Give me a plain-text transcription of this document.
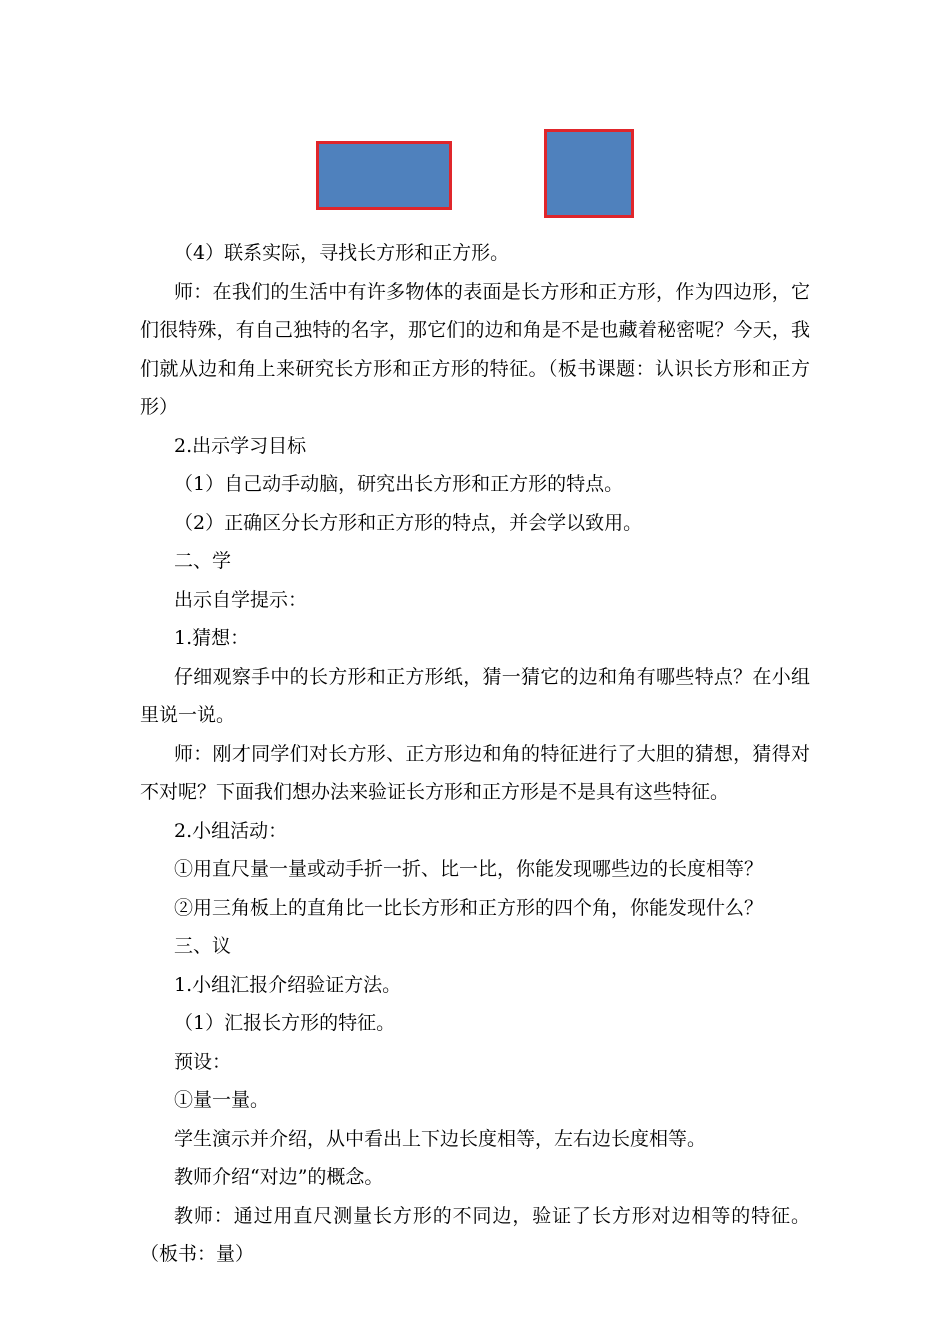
（4）联系实际，寻找长方形和正方形。

师：在我们的生活中有许多物体的表面是长方形和正方形，作为四边形，它们很特殊，有自己独特的名字，那它们的边和角是不是也藏着秘密呢？今天，我们就从边和角上来研究长方形和正方形的特征。（板书课题：认识长方形和正方形）

2.出示学习目标

（1）自己动手动脑，研究出长方形和正方形的特点。

（2）正确区分长方形和正方形的特点，并会学以致用。

二、学

出示自学提示：

1.猜想：

仔细观察手中的长方形和正方形纸，猜一猜它的边和角有哪些特点？在小组里说一说。

师：刚才同学们对长方形、正方形边和角的特征进行了大胆的猜想，猜得对不对呢？下面我们想办法来验证长方形和正方形是不是具有这些特征。

2.小组活动：

①用直尺量一量或动手折一折、比一比，你能发现哪些边的长度相等？

②用三角板上的直角比一比长方形和正方形的四个角，你能发现什么？

三、议

1.小组汇报介绍验证方法。

（1）汇报长方形的特征。

预设：

①量一量。

学生演示并介绍，从中看出上下边长度相等，左右边长度相等。

教师介绍“对边”的概念。

教师：通过用直尺测量长方形的不同边，验证了长方形对边相等的特征。（板书：量）
